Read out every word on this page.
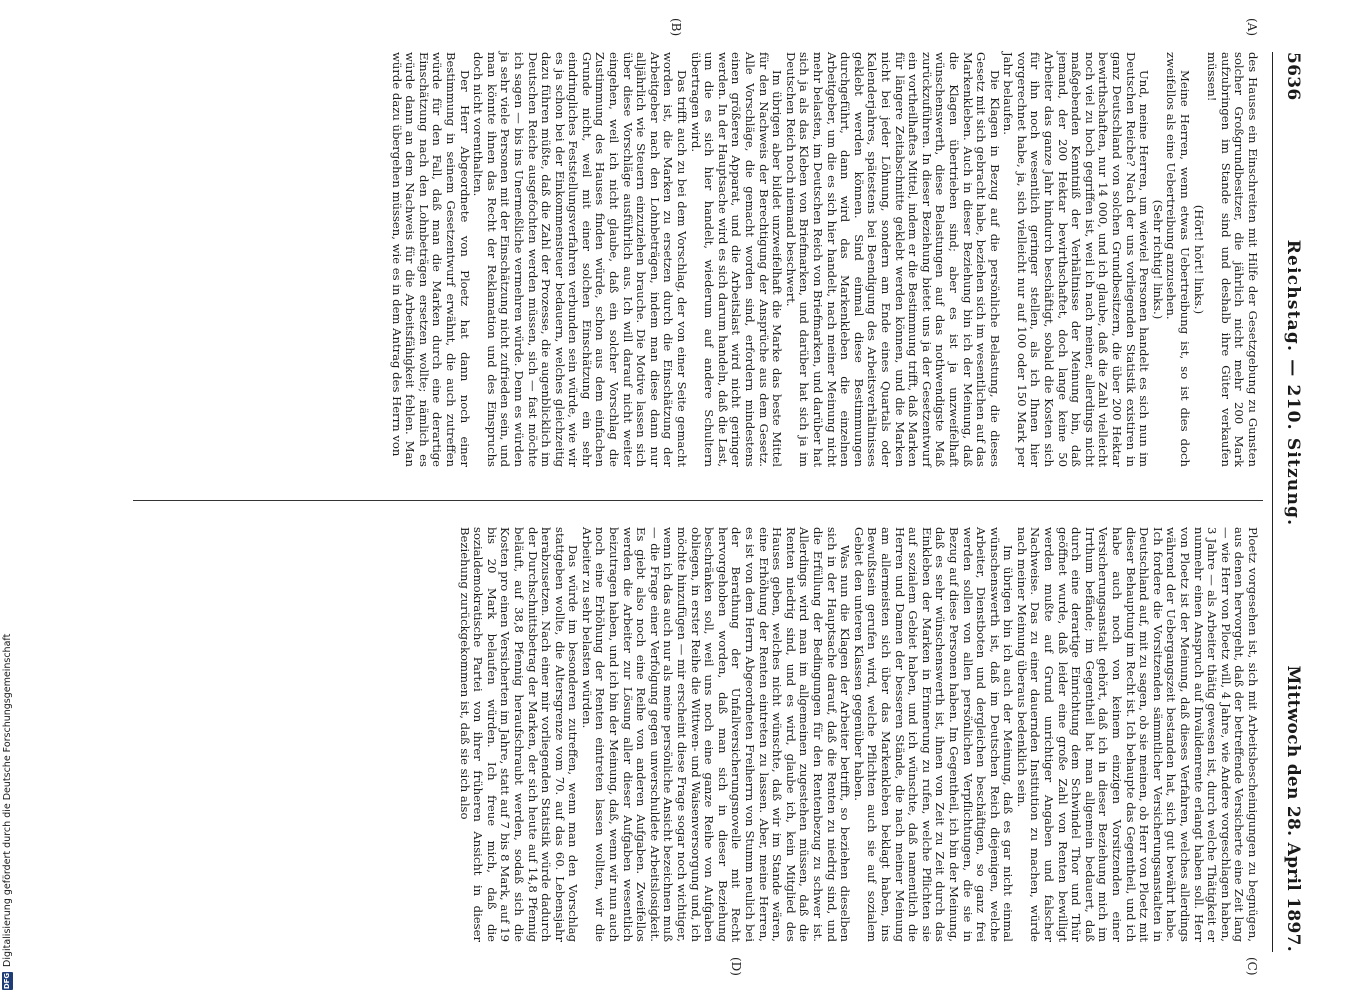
5636
Reichstag. — 210. Sitzung.
Mittwoch den 28. April 1897.
(A)
(B)
(C)
(D)

des Hauses ein Einschreiten mit Hilfe der Gesetzgebung zu Gunsten solcher Großgrundbesitzer, die jährlich nicht mehr 200 Mark aufzubringen im Stande sind und deshalb ihre Güter verkaufen müssen!

(Hört! hört! links.)

Meine Herren, wenn etwas Uebertreibung ist, so ist dies doch zweifellos als eine Uebertreibung anzusehen.

(Sehr richtig! links.)

Und, meine Herren, um wieviel Personen handelt es sich nun im Deutschen Reiche? Nach der uns vorliegenden Statistik existiren in ganz Deutschland von solchen Grundbesitzern, die über 200 Hektar bewirthschaften, nur 14 000, und ich glaube, daß die Zahl vielleicht noch viel zu hoch gegriffen ist, weil ich nach meiner, allerdings nicht maßgebenden Kenntniß der Verhältnisse der Meinung bin, daß jemand, der 200 Hektar bewirthschaftet, doch lange keine 50 Arbeiter das ganze Jahr hindurch beschäftigt, sobald die Kosten sich für ihn noch wesentlich geringer stellen, als ich Ihnen hier vorgerechnet habe, ja, sich vielleicht nur auf 100 oder 150 Mark per Jahr belaufen.

Die Klagen in Bezug auf die persönliche Belastung, die dieses Gesetz mit sich gebracht habe, beziehen sich im wesentlichen auf das Markenkleben. Auch in dieser Beziehung bin ich der Meinung, daß die Klagen übertrieben sind; aber es ist ja unzweifelhaft wünschenswerth, diese Belastungen auf das nothwendigste Maß zurückzuführen. In dieser Beziehung bietet uns ja der Gesetzentwurf ein vortheilhaftes Mittel, indem er die Bestimmung trifft, daß Marken für längere Zeitabschnitte geklebt werden können, und die Marken nicht bei jeder Löhnung, sondern am Ende eines Quartals oder Kalenderjahres, spätestens bei Beendigung des Arbeitsverhältnisses geklebt werden können. Sind einmal diese Bestimmungen durchgeführt, dann wird das Markenkleben die einzelnen Arbeitgeber, um die es sich hier handelt, nach meiner Meinung nicht mehr belasten, im Deutschen Reich von Briefmarken, und darüber hat sich ja als das Kleben von Briefmarken, und darüber hat sich ja im Deutschen Reich noch niemand beschwert.

Im übrigen aber bildet unzweifelhaft die Marke das beste Mittel für den Nachweis der Berechtigung der Ansprüche aus dem Gesetz. Alle Vorschläge, die gemacht worden sind, erfordern mindestens einen größeren Apparat, und die Arbeitslast wird nicht geringer werden. In der Hauptsache wird es sich darum handeln, daß die Last, um die es sich hier handelt, wiederum auf andere Schultern übertragen wird.

Das trifft auch zu bei dem Vorschlag, der von einer Seite gemacht worden ist, die Marken zu ersetzen durch die Einschätzung der Arbeitgeber nach den Lohnbeträgen, indem man diese dann nur alljährlich wie Steuern einzuziehen brauche. Die Motive lassen sich über diese Vorschläge ausführlich aus. Ich will darauf nicht weiter eingehen, weil ich nicht glaube, daß ein solcher Vorschlag die Zustimmung des Hauses finden würde, schon aus dem einfachen Grunde nicht, weil mit einer solchen Einschätzung ein sehr eindringliches Feststellungsverfahren verbunden sein würde, wie wir es ja schon bei der Einkommensteuer bedauern, welches gleichzeitig dazu führen müßte, daß die Zahl der Prozesse, die augenblicklich im Deutschen Reiche ausgefochten werden müssen, sich — fast möchte ich sagen — bis ins Unermeßliche vermehren würde. Denn es würden ja sehr viele Personen mit der Einschätzung nicht zufrieden sein, und man könnte ihnen das Recht der Reklamation und des Einspruchs doch nicht vorenthalten.

Der Herr Abgeordnete von Ploetz hat dann noch einer Bestimmung in seinem Gesetzentwurf erwähnt, die auch zutreffen würde für den Fall, daß man die Marken durch eine derartige Einschätzung nach den Lohnbeträgen ersetzen wollte; nämlich es würde dann an dem Nachweis für die Arbeitsfähigkeit fehlen. Man würde dazu übergehen müssen, wie es in dem Antrag des Herrn von

Ploetz vorgesehen ist, sich mit Arbeitsbescheinigungen zu begnügen, aus denen hervorgeht, daß der betreffende Versicherte eine Zeit lang — wie Herr von Ploetz will, 4 Jahre, wie Andere vorgeschlagen haben, 3 Jahre — als Arbeiter thätig gewesen ist, durch welche Thätigkeit er nunmehr einen Anspruch auf Invalidenrente erlangt haben soll. Herr von Ploetz ist der Meinung, daß dieses Verfahren, welches allerdings während der Uebergangszeit bestanden hat, sich gut bewährt habe. Ich fordere die Vorsitzenden sämmtlicher Versicherungsanstalten in Deutschland auf, mit zu sagen, ob sie meinen, ob Herr von Ploetz mit dieser Behauptung im Recht ist. Ich behaupte das Gegentheil, und ich habe auch noch von keinem einzigen Vorsitzenden einer Versicherungsanstalt gehört, daß ich in dieser Beziehung mich im Irrthum befände; im Gegentheil hat man allgemein bedauert, daß durch eine derartige Einrichtung dem Schwindel Thor und Thür geöffnet wurde, daß leider eine große Zahl von Renten bewilligt werden mußte auf Grund unrichtiger Angaben und falscher Nachweise. Das zu einer dauernden Institution zu machen, würde nach meiner Meinung überaus bedenklich sein.

Im übrigen bin ich auch der Meinung, daß es gar nicht einmal wünschenswerth ist, daß im Deutschen Reich diejenigen, welche Arbeiter, Dienstboten und dergleichen beschäftigen, so ganz frei werden sollen von allen persönlichen Verpflichtungen, die sie in Bezug auf diese Personen haben. Im Gegentheil, ich bin der Meinung, daß es sehr wünschenswerth ist, ihnen von Zeit zu Zeit durch das Einkleben der Marken in Erinnerung zu rufen, welche Pflichten sie auf sozialem Gebiet haben, und ich wünschte, daß namentlich die Herren und Damen der besseren Stände, die nach meiner Meinung am allermeisten sich über das Markenkleben beklagt haben, ins Bewußtsein gerufen wird, welche Pflichten auch sie auf sozialem Gebiet den unteren Klassen gegenüber haben.

Was nun die Klagen der Arbeiter betrifft, so beziehen dieselben sich in der Hauptsache darauf, daß die Renten zu niedrig sind, und die Erfüllung der Bedingungen für den Rentenbezug zu schwer ist. Allerdings wird man im allgemeinen zugestehen müssen, daß die Renten niedrig sind, und es wird, glaube ich, kein Mitglied des Hauses geben, welches nicht wünschte, daß wir im Stande wären, eine Erhöhung der Renten eintreten zu lassen. Aber, meine Herren, es ist von dem Herrn Abgeordneten Freiherrn von Stumm neulich bei der Berathung der Unfallversicherungsnovelle mit Recht hervorgehoben worden, daß man sich in dieser Beziehung beschränken soll, weil uns noch eine ganze Reihe von Aufgaben obliegen, in erster Reihe die Wittwen- und Waisenversorgung und, ich möchte hinzufügen — mir erscheint diese Frage sogar noch wichtiger, wenn ich das auch nur als meine persönliche Ansicht bezeichnen muß — die Frage einer Verfolgung gegen unverschuldete Arbeitslosigkeit. Es giebt also noch eine Reihe von anderen Aufgaben. Zweifellos werden die Arbeiter zur Lösung aller dieser Aufgaben wesentlich beizutragen haben, und ich bin der Meinung, daß, wenn wir nun auch noch eine Erhöhung der Renten eintreten lassen wollten, wir die Arbeiter zu sehr belasten würden.

Das würde im besonderen zutreffen, wenn man den Vorschlag stattgeben wollte, die Altersgrenze vom 70. auf das 60. Lebensjahr herabzusetzen. Nach einer mir vorliegenden Statistik würde dadurch der Durchschnittsbetrag der Marken, der sich heute auf 14,8 Pfennig beläuft, auf 38,8 Pfennig heraufschraubt werden, sodaß sich die Kosten pro einen Versicherten im Jahre, statt auf 7 bis 8 Mark, auf 19 bis 20 Mark belaufen würden. Ich freue mich, daß die sozialdemokratische Partei von ihrer früheren Ansicht in dieser Beziehung zurückgekommen ist, daß sie sich also

DFG
Digitalisierung gefördert durch die Deutsche Forschungsgemeinschaft
